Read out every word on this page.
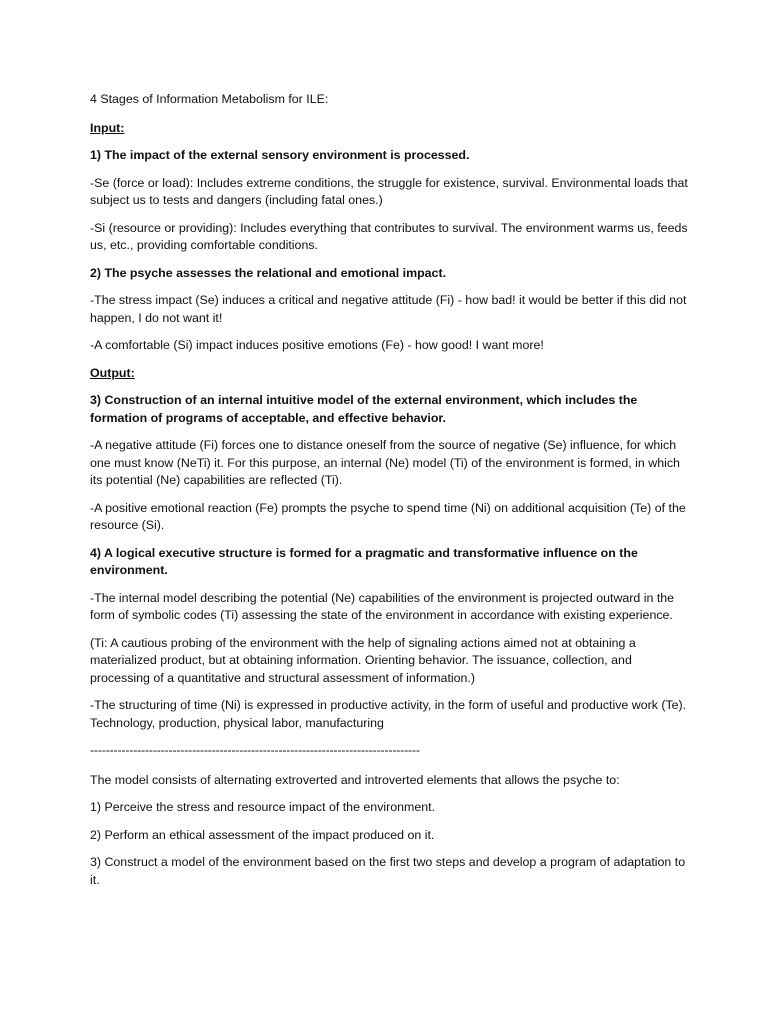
4 Stages of Information Metabolism for ILE:

Input:

1) The impact of the external sensory environment is processed.

-Se (force or load): Includes extreme conditions, the struggle for existence, survival. Environmental loads that subject us to tests and dangers (including fatal ones.)

-Si (resource or providing): Includes everything that contributes to survival. The environment warms us, feeds us, etc., providing comfortable conditions.

2) The psyche assesses the relational and emotional impact.

-The stress impact (Se) induces a critical and negative attitude (Fi) - how bad! it would be better if this did not happen, I do not want it!

-A comfortable (Si) impact induces positive emotions (Fe) - how good! I want more!

Output:

3) Construction of an internal intuitive model of the external environment, which includes the formation of programs of acceptable, and effective behavior.

-A negative attitude (Fi) forces one to distance oneself from the source of negative (Se) influence, for which one must know (NeTi) it. For this purpose, an internal (Ne) model (Ti) of the environment is formed, in which its potential (Ne) capabilities are reflected (Ti).

-A positive emotional reaction (Fe) prompts the psyche to spend time (Ni) on additional acquisition (Te) of the resource (Si).

4) A logical executive structure is formed for a pragmatic and transformative influence on the environment.

-The internal model describing the potential (Ne) capabilities of the environment is projected outward in the form of symbolic codes (Ti) assessing the state of the environment in accordance with existing experience.

(Ti: A cautious probing of the environment with the help of signaling actions aimed not at obtaining a materialized product, but at obtaining information. Orienting behavior. The issuance, collection, and processing of a quantitative and structural assessment of information.)

-The structuring of time (Ni) is expressed in productive activity, in the form of useful and productive work (Te). Technology, production, physical labor, manufacturing

------------------------------------------------------------------------------------

The model consists of alternating extroverted and introverted elements that allows the psyche to:

1) Perceive the stress and resource impact of the environment.

2) Perform an ethical assessment of the impact produced on it.

3) Construct a model of the environment based on the first two steps and develop a program of adaptation to it.
